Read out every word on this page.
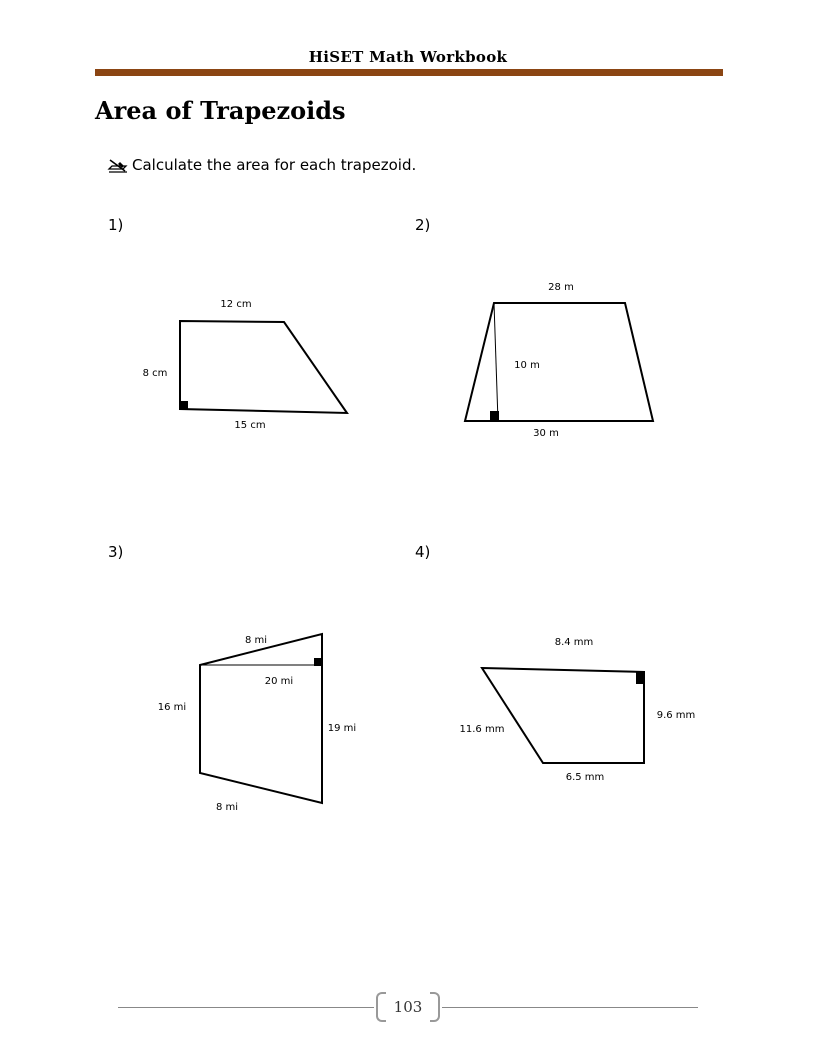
HiSET Math Workbook
Area of Trapezoids
Calculate the area for each trapezoid.
1)	2)
3)	4)
12 cm
8 cm
15 cm
28 m
10 m
30 m
8 mi
20 mi
16 mi
19 mi
8 mi
8.4 mm
9.6 mm
11.6 mm
6.5 mm
103
